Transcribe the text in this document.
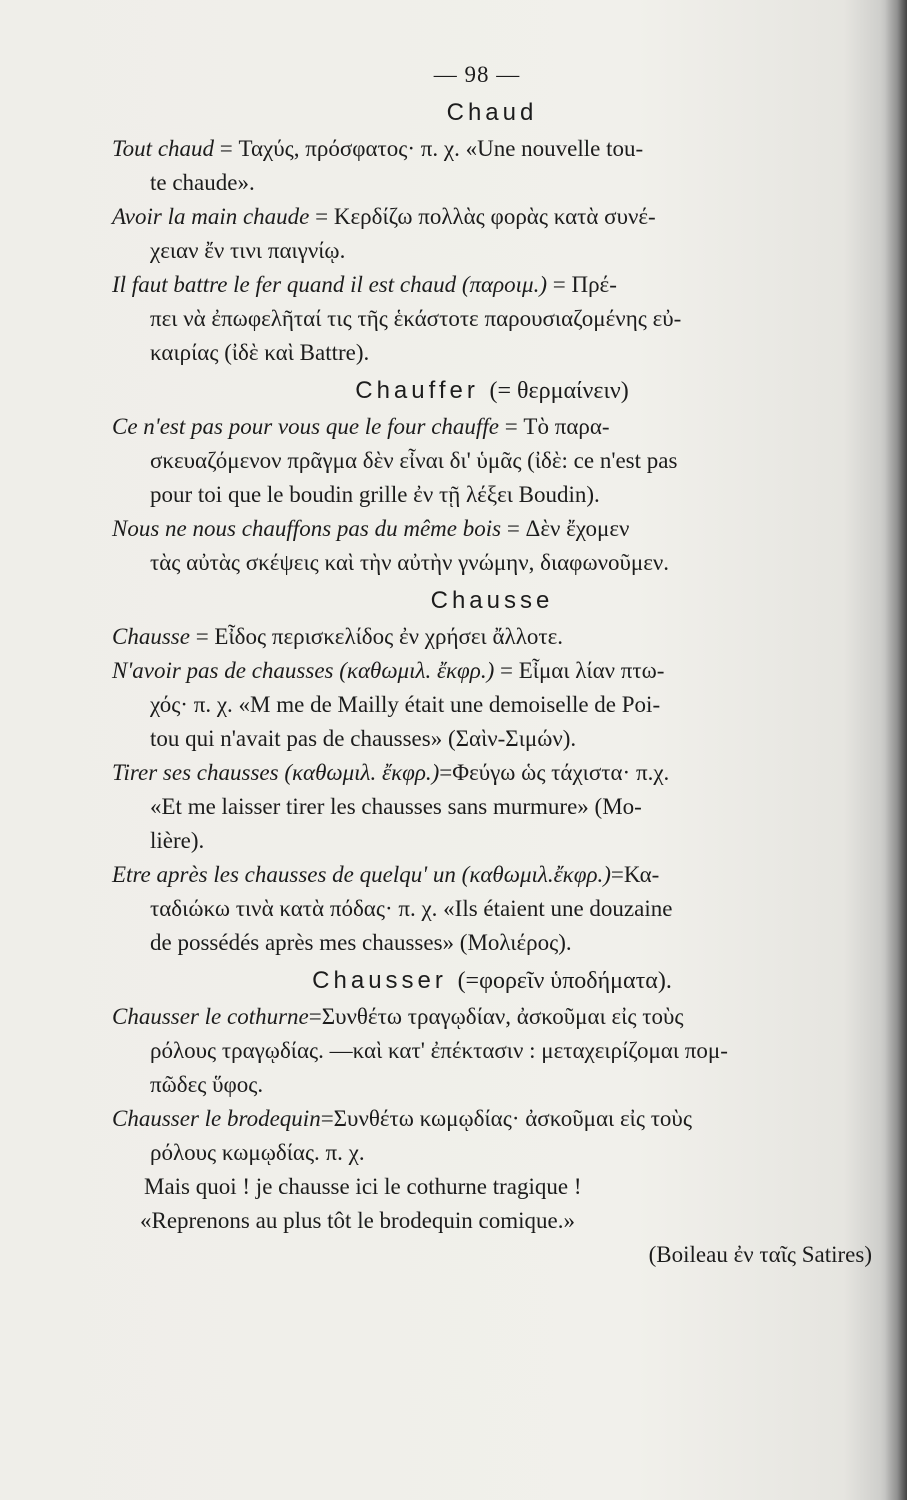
— 98 —
Chaud
Tout chaud = Ταχύς, πρόσφατος· π. χ. «Une nouvelle tou-
te chaude».
Avoir la main chaude = Κερδίζω πολλὰς φορὰς κατὰ συνέ-
χειαν ἔν τινι παιγνίῳ.
Il faut battre le fer quand il est chaud (παροιμ.) = Πρέ-
πει νὰ ἐπωφελῆταί τις τῆς ἑκάστοτε παρουσιαζομένης εὐ-
καιρίας (ἰδὲ καὶ Battre).
Chauffer (= θερμαίνειν)
Ce n'est pas pour vous que le four chauffe = Τὸ παρα-
σκευαζόμενον πρᾶγμα δὲν εἶναι δι' ὑμᾶς (ἰδὲ: ce n'est pas
pour toi que le boudin grille ἐν τῇ λέξει Boudin).
Nous ne nous chauffons pas du même bois = Δὲν ἔχομεν
τὰς αὐτὰς σκέψεις καὶ τὴν αὐτὴν γνώμην, διαφωνοῦμεν.
Chausse
Chausse = Εἶδος περισκελίδος ἐν χρήσει ἄλλοτε.
N'avoir pas de chausses (καθωμιλ. ἔκφρ.) = Εἶμαι λίαν πτω-
χός· π. χ. «M me de Mailly était une demoiselle de Poi-
tou qui n'avait pas de chausses» (Σαὶν-Σιμών).
Tirer ses chausses (καθωμιλ. ἔκφρ.)=Φεύγω ὡς τάχιστα· π.χ.
«Et me laisser tirer les chausses sans murmure» (Mo-
lière).
Etre après les chausses de quelqu' un (καθωμιλ.ἔκφρ.)=Κα-
ταδιώκω τινὰ κατὰ πόδας· π. χ. «Ils étaient une douzaine
de possédés après mes chausses» (Μολιέρος).
Chausser (=φορεῖν ὑποδήματα).
Chausser le cothurne=Συνθέτω τραγῳδίαν, ἀσκοῦμαι εἰς τοὺς
ρόλους τραγῳδίας. —καὶ κατ' ἐπέκτασιν : μεταχειρίζομαι πομ-
πῶδες ὕφος.
Chausser le brodequin=Συνθέτω κωμῳδίας· ἀσκοῦμαι εἰς τοὺς
ρόλους κωμῳδίας. π. χ.
Mais quoi ! je chausse ici le cothurne tragique !
«Reprenons au plus tôt le brodequin comique.»
(Boileau ἐν ταῖς Satires)
